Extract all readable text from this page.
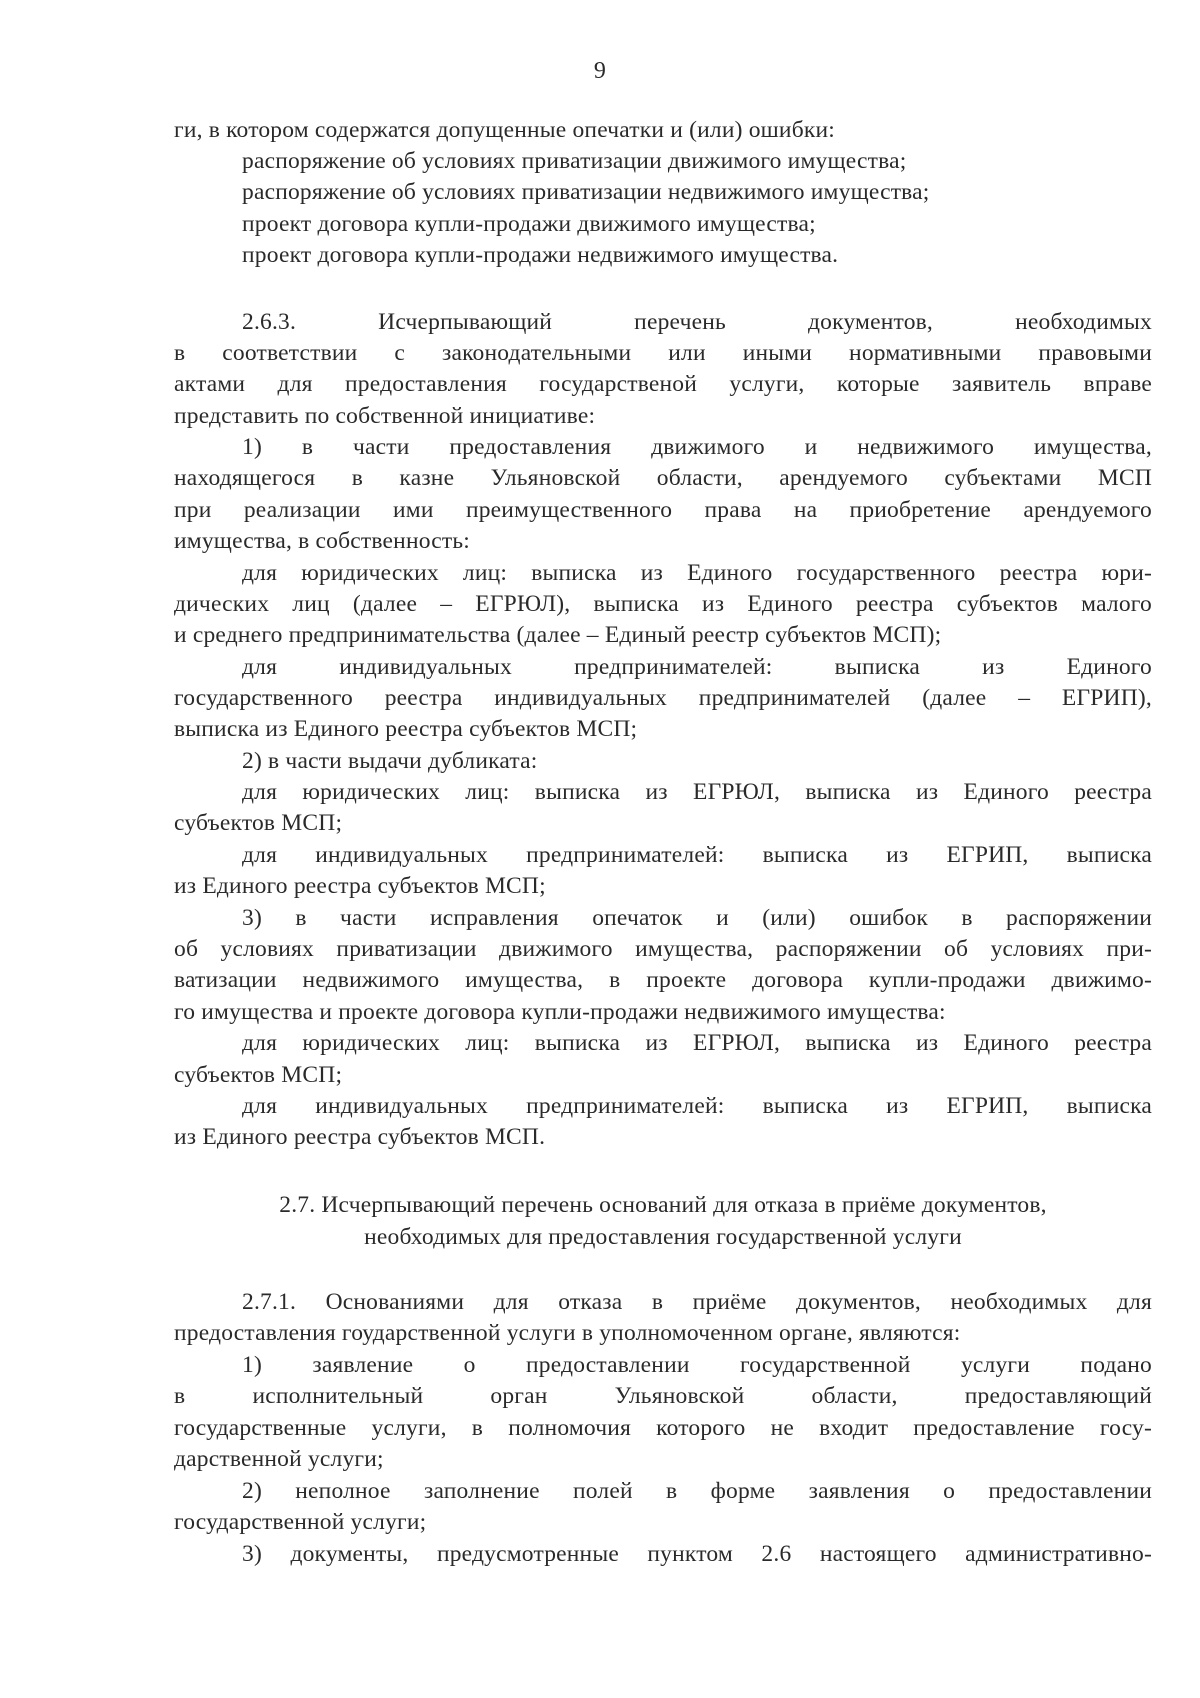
9
ги, в котором содержатся допущенные опечатки и (или) ошибки:
распоряжение об условиях приватизации движимого имущества;
распоряжение об условиях приватизации недвижимого имущества;
проект договора купли-продажи движимого имущества;
проект договора купли-продажи недвижимого имущества.
2.6.3. Исчерпывающий перечень документов, необходимых
в соответствии с законодательными или иными нормативными правовыми
актами для предоставления государственой услуги, которые заявитель вправе
представить по собственной инициативе:
1) в части предоставления движимого и недвижимого имущества,
находящегося в казне Ульяновской области, арендуемого субъектами МСП
при реализации ими преимущественного права на приобретение арендуемого
имущества, в собственность:
для юридических лиц: выписка из Единого государственного реестра юри-
дических лиц (далее – ЕГРЮЛ), выписка из Единого реестра субъектов малого
и среднего предпринимательства (далее – Единый реестр субъектов МСП);
для индивидуальных предпринимателей: выписка из Единого
государственного реестра индивидуальных предпринимателей (далее – ЕГРИП),
выписка из Единого реестра субъектов МСП;
2) в части выдачи дубликата:
для юридических лиц: выписка из ЕГРЮЛ, выписка из Единого реестра
субъектов МСП;
для индивидуальных предпринимателей: выписка из ЕГРИП, выписка
из Единого реестра субъектов МСП;
3) в части исправления опечаток и (или) ошибок в распоряжении
об условиях приватизации движимого имущества, распоряжении об условиях при-
ватизации недвижимого имущества, в проекте договора купли-продажи движимо-
го имущества и проекте договора купли-продажи недвижимого имущества:
для юридических лиц: выписка из ЕГРЮЛ, выписка из Единого реестра
субъектов МСП;
для индивидуальных предпринимателей: выписка из ЕГРИП, выписка
из Единого реестра субъектов МСП.
2.7. Исчерпывающий перечень оснований для отказа в приёме документов,
необходимых для предоставления государственной услуги
2.7.1. Основаниями для отказа в приёме документов, необходимых для
предоставления гоударственной услуги в уполномоченном органе, являются:
1) заявление о предоставлении государственной услуги подано
в исполнительный орган Ульяновской области, предоставляющий
государственные услуги, в полномочия которого не входит предоставление госу-
дарственной услуги;
2) неполное заполнение полей в форме заявления о предоставлении
государственной услуги;
3) документы, предусмотренные пунктом 2.6 настоящего административно-
